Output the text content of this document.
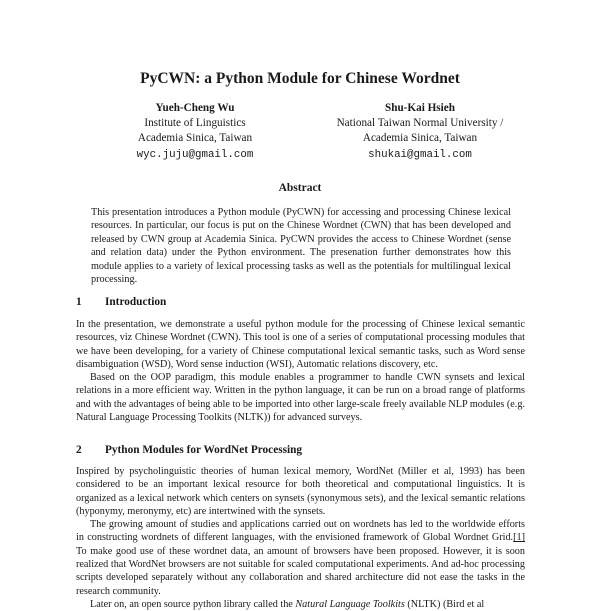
PyCWN: a Python Module for Chinese Wordnet
Yueh-Cheng Wu
Institute of Linguistics
Academia Sinica, Taiwan
wyc.juju@gmail.com
Shu-Kai Hsieh
National Taiwan Normal University /
Academia Sinica, Taiwan
shukai@gmail.com
Abstract
This presentation introduces a Python module (PyCWN) for accessing and processing Chinese lexical resources. In particular, our focus is put on the Chinese Wordnet (CWN) that has been developed and released by CWN group at Academia Sinica. PyCWN provides the access to Chinese Wordnet (sense and relation data) under the Python environment. The presenation further demonstrates how this module applies to a variety of lexical processing tasks as well as the potentials for multilingual lexical processing.
1 Introduction

In the presentation, we demonstrate a useful python module for the processing of Chinese lexical semantic resources, viz Chinese Wordnet (CWN). This tool is one of a series of computational processing modules that we have been developing, for a variety of Chinese computational lexical semantic tasks, such as Word sense disambiguation (WSD), Word sense induction (WSI), Automatic relations discovery, etc.

Based on the OOP paradigm, this module enables a programmer to handle CWN synsets and lexical relations in a more efficient way. Written in the python language, it can be run on a broad range of platforms and with the advantages of being able to be imported into other large-scale freely available NLP modules (e.g. Natural Language Processing Toolkits (NLTK)) for advanced surveys.

2 Python Modules for WordNet Processing

Inspired by psycholinguistic theories of human lexical memory, WordNet (Miller et al, 1993) has been considered to be an important lexical resource for both theoretical and computational linguistics. It is organized as a lexical network which centers on synsets (synonymous sets), and the lexical semantic relations (hyponymy, meronymy, etc) are intertwined with the synsets.

The growing amount of studies and applications carried out on wordnets has led to the worldwide efforts in constructing wordnets of different languages, with the envisioned framework of Global Wordnet Grid.[1] To make good use of these wordnet data, an amount of browsers have been proposed. However, it is soon realized that WordNet browsers are not suitable for scaled computational experiments. And ad-hoc processing scripts developed separately without any collaboration and shared architecture did not ease the tasks in the research community.

Later on, an open source python library called the Natural Language Toolkits (NLTK) (Bird et al
